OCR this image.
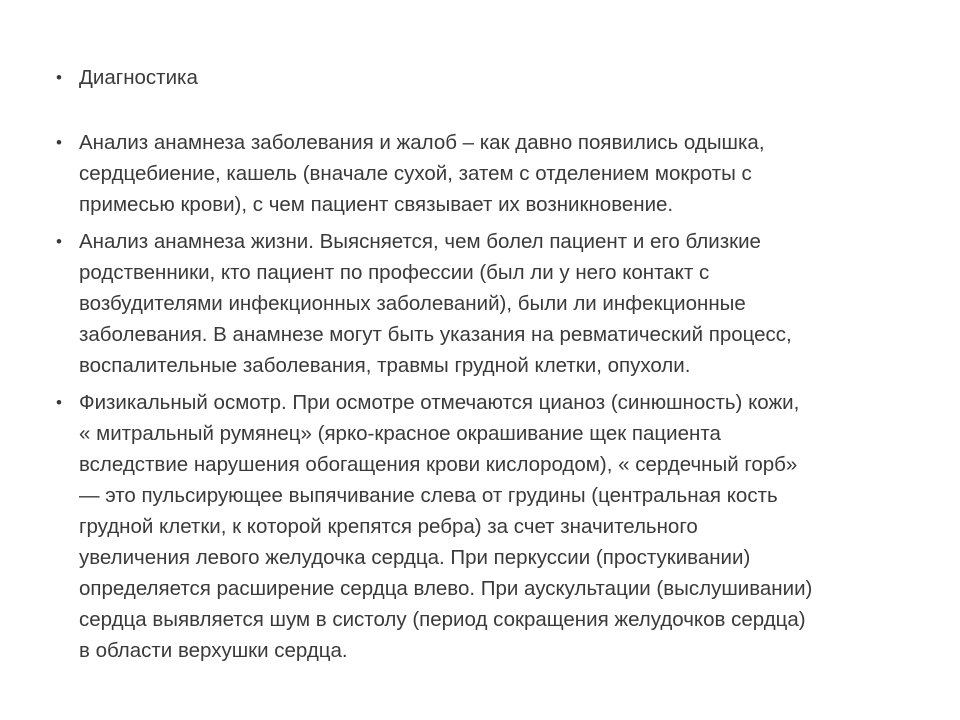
• Диагностика
• Анализ анамнеза заболевания и жалоб – как давно появились одышка,
сердцебиение, кашель (вначале сухой, затем с отделением мокроты с
примесью крови), с чем пациент связывает их возникновение.
• Анализ анамнеза жизни. Выясняется, чем болел пациент и его близкие
родственники, кто пациент по профессии (был ли у него контакт с
возбудителями инфекционных заболеваний), были ли инфекционные
заболевания. В анамнезе могут быть указания на ревматический процесс,
воспалительные заболевания, травмы грудной клетки, опухоли.
• Физикальный осмотр. При осмотре отмечаются цианоз (синюшность) кожи,
« митральный румянец» (ярко-красное окрашивание щек пациента
вследствие нарушения обогащения крови кислородом), « сердечный горб»
— это пульсирующее выпячивание слева от грудины (центральная кость
грудной клетки, к которой крепятся ребра) за счет значительного
увеличения левого желудочка сердца. При перкуссии (простукивании)
определяется расширение сердца влево. При аускультации (выслушивании)
сердца выявляется шум в систолу (период сокращения желудочков сердца)
в области верхушки сердца.
